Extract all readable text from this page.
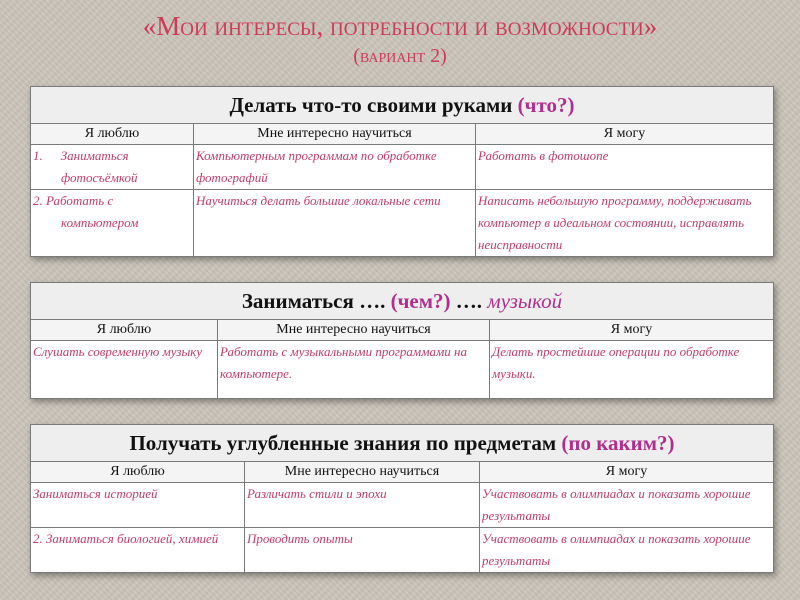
«Мои интересы, потребности и возможности»
(вариант 2)
Делать что-то своими руками (что?)		
Я люблю	Мне интересно научиться	Я могу

1. Заниматься
фотосъёмкой	Компьютерным программам по обработке фотографий	Работать в фотошопе

2. Работать с
компьютером	Научиться делать большие локальные сети	Написать небольшую программу, поддерживать компьютер в идеальном состоянии, исправлять неисправности
Заниматься …. (чем?) …. музыкой		
Я люблю	Мне интересно научиться	Я могу
Слушать современную музыку	Работать с музыкальными программами на компьютере.	Делать простейшие операции по обработке музыки.
Получать углубленные знания по предметам (по каким?)		
Я люблю	Мне интересно научиться	Я могу
Заниматься историей	Различать стили и эпохи	Участвовать в олимпиадах и показать хорошие результаты
2. Заниматься биологией, химией	Проводить опыты	Участвовать в олимпиадах и показать хорошие результаты
